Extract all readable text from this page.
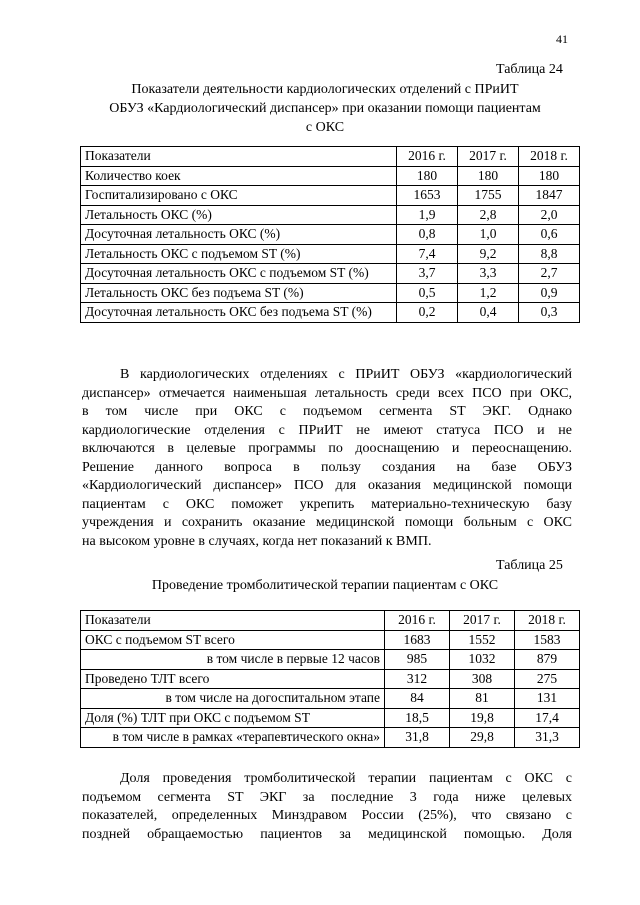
41
Таблица 24
Показатели деятельности кардиологических отделений с ПРиИТ
ОБУЗ «Кардиологический диспансер» при оказании помощи пациентам
с ОКС
Показатели	2016 г.	2017 г.	2018 г.
Количество коек	180	180	180
Госпитализировано с ОКС	1653	1755	1847
Летальность ОКС (%)	1,9	2,8	2,0
Досуточная летальность ОКС (%)	0,8	1,0	0,6
Летальность ОКС с подъемом ST (%)	7,4	9,2	8,8
Досуточная летальность ОКС с подъемом ST (%)	3,7	3,3	2,7
Летальность ОКС без подъема ST (%)	0,5	1,2	0,9
Досуточная летальность ОКС без подъема ST (%)	0,2	0,4	0,3
В кардиологических отделениях с ПРиИТ ОБУЗ «кардиологический
диспансер» отмечается наименьшая летальность среди всех ПСО при ОКС,
в том числе при ОКС с подъемом сегмента ST ЭКГ. Однако
кардиологические отделения с ПРиИТ не имеют статуса ПСО и не
включаются в целевые программы по дооснащению и переоснащению.
Решение данного вопроса в пользу создания на базе ОБУЗ
«Кардиологический диспансер» ПСО для оказания медицинской помощи
пациентам с ОКС поможет укрепить материально-техническую базу
учреждения и сохранить оказание медицинской помощи больным с ОКС
на высоком уровне в случаях, когда нет показаний к ВМП.
Таблица 25
Проведение тромболитической терапии пациентам с ОКС
Показатели	2016 г.	2017 г.	2018 г.
ОКС с подъемом ST всего	1683	1552	1583
в том числе в первые 12 часов	985	1032	879
Проведено ТЛТ всего	312	308	275
в том числе на догоспитальном этапе	84	81	131
Доля (%) ТЛТ при ОКС с подъемом ST	18,5	19,8	17,4
в том числе в рамках «терапевтического окна»	31,8	29,8	31,3
Доля проведения тромболитической терапии пациентам с ОКС с
подъемом сегмента ST ЭКГ за последние 3 года ниже целевых
показателей, определенных Минздравом России (25%), что связано с
поздней обращаемостью пациентов за медицинской помощью. Доля
